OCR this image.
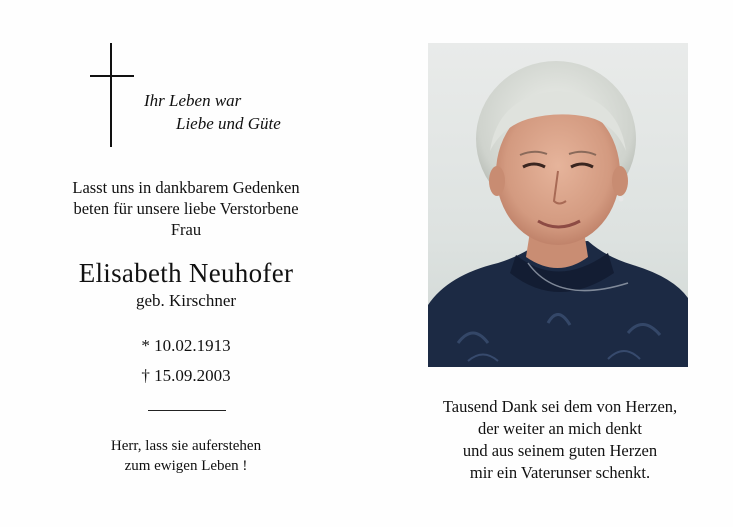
Ihr Leben war
Liebe und Güte
Lasst uns in dankbarem Gedenken
beten für unsere liebe Verstorbene
Frau
Elisabeth Neuhofer
geb. Kirschner
* 10.02.1913
† 15.09.2003
Herr, lass sie auferstehen
zum ewigen Leben !
Tausend Dank sei dem von Herzen,
der weiter an mich denkt
und aus seinem guten Herzen
mir ein Vaterunser schenkt.
